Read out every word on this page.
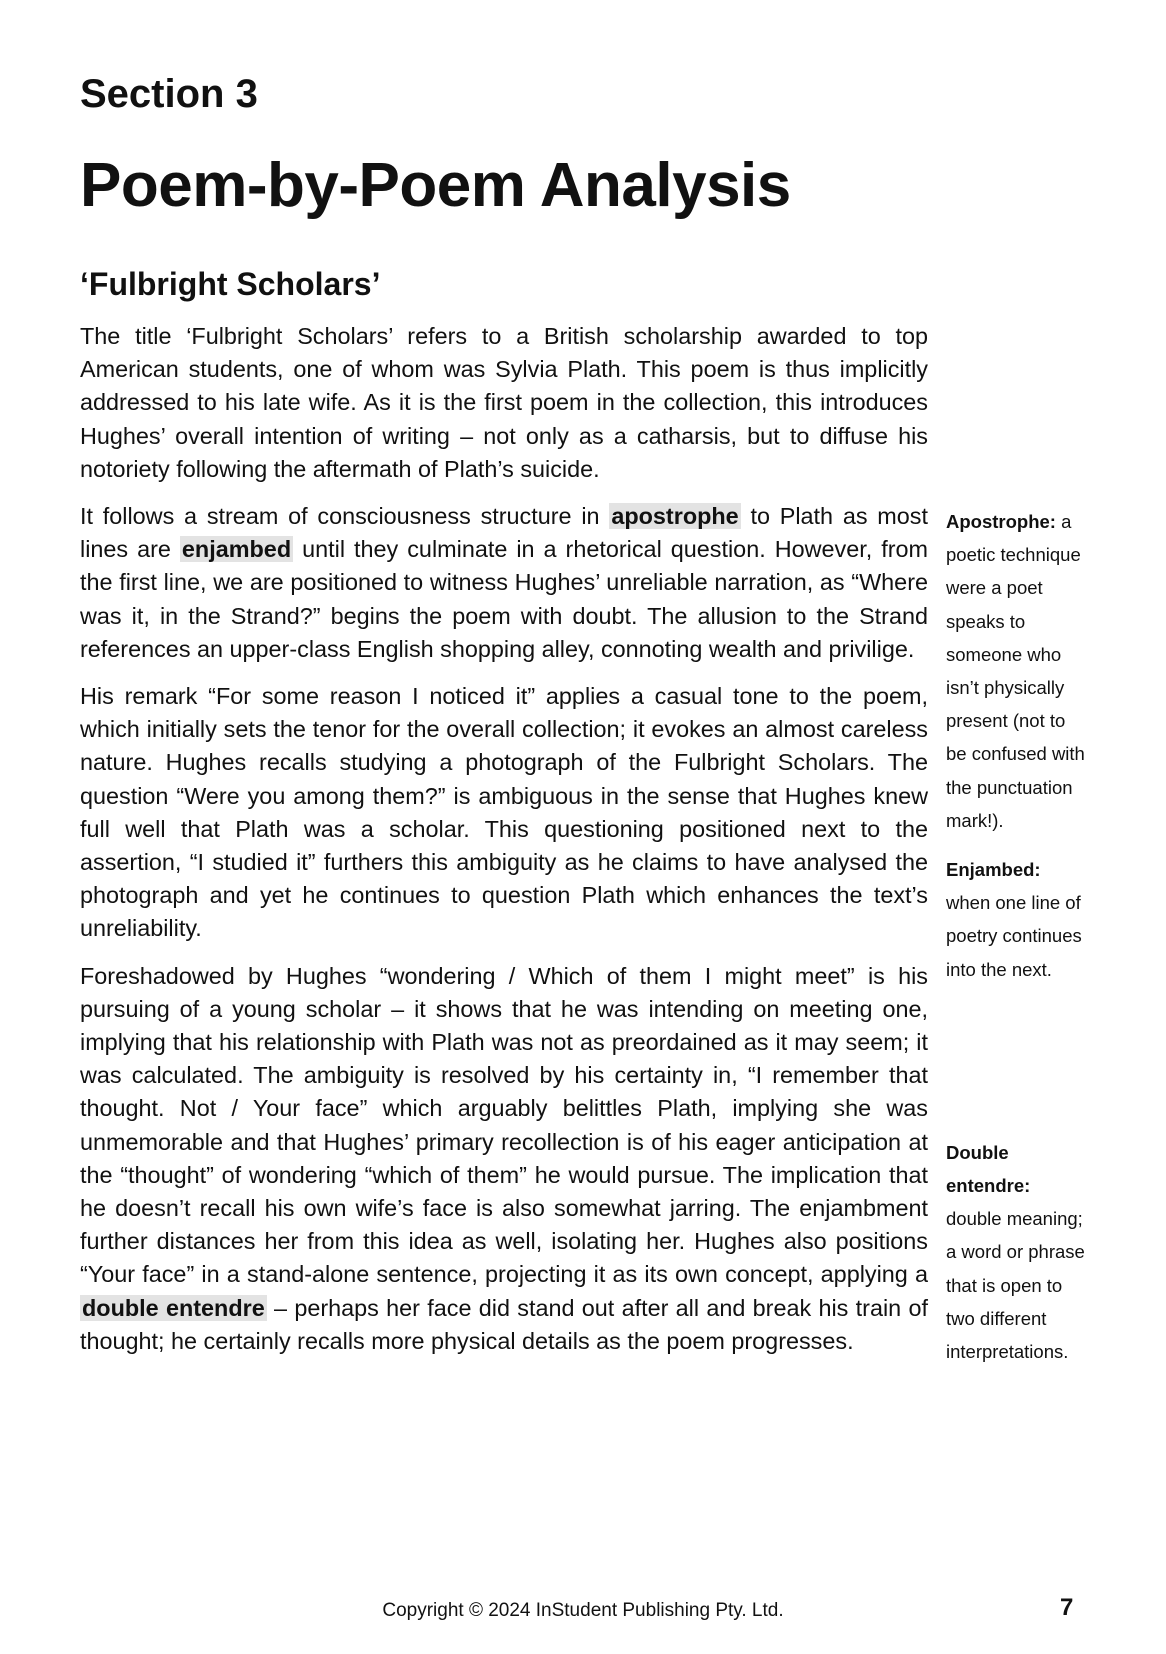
Section 3
Poem-by-Poem Analysis
‘Fulbright Scholars’

The title ‘Fulbright Scholars’ refers to a British scholarship awarded to top American students, one of whom was Sylvia Plath. This poem is thus implicitly addressed to his late wife. As it is the first poem in the collection, this introduces Hughes’ overall intention of writing – not only as a catharsis, but to diffuse his notoriety following the aftermath of Plath’s suicide.

It follows a stream of consciousness structure in apostrophe to Plath as most lines are enjambed until they culminate in a rhetorical question. However, from the first line, we are positioned to witness Hughes’ unreliable narration, as “Where was it, in the Strand?” begins the poem with doubt. The allusion to the Strand references an upper-class English shopping alley, connoting wealth and privilige.

His remark “For some reason I noticed it” applies a casual tone to the poem, which initially sets the tenor for the overall collection; it evokes an almost careless nature. Hughes recalls studying a photograph of the Fulbright Scholars. The question “Were you among them?” is ambiguous in the sense that Hughes knew full well that Plath was a scholar. This questioning positioned next to the assertion, “I studied it” furthers this ambiguity as he claims to have analysed the photograph and yet he continues to question Plath which enhances the text’s unreliability.

Foreshadowed by Hughes “wondering / Which of them I might meet” is his pursuing of a young scholar – it shows that he was intending on meeting one, implying that his relationship with Plath was not as preordained as it may seem; it was calculated. The ambiguity is resolved by his certainty in, “I remember that thought. Not / Your face” which arguably belittles Plath, implying she was unmemorable and that Hughes’ primary recollection is of his eager anticipation at the “thought” of wondering “which of them” he would pursue. The implication that he doesn’t recall his own wife’s face is also somewhat jarring. The enjambment further distances her from this idea as well, isolating her. Hughes also positions “Your face” in a stand-alone sentence, projecting it as its own concept, applying a double entendre – perhaps her face did stand out after all and break his train of thought; he certainly recalls more physical details as the poem progresses.

Apostrophe: a poetic technique were a poet speaks to someone who isn’t physically present (not to be confused with the punctuation mark!).

Enjambed: when one line of poetry continues into the next.

Double entendre: double meaning; a word or phrase that is open to two different interpretations.

Copyright © 2024 InStudent Publishing Pty. Ltd.	7
